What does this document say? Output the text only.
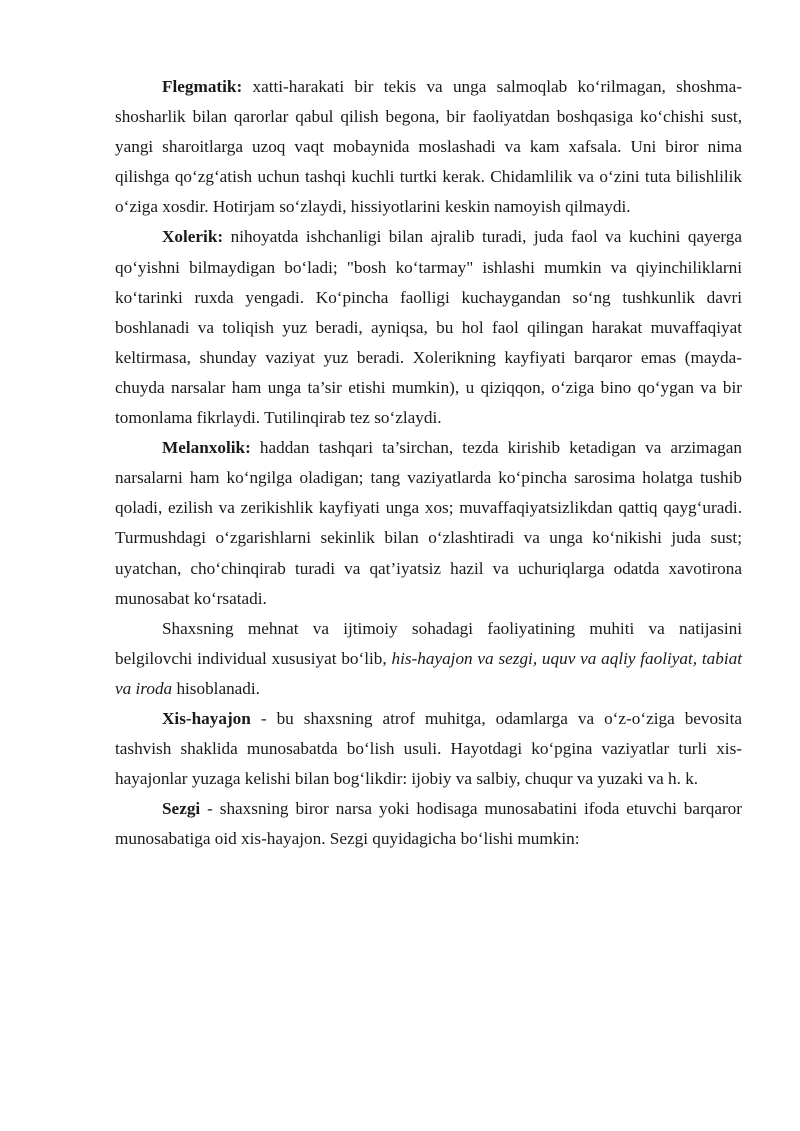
Flegmatik: xatti-harakati bir tekis va unga salmoqlab ko‘rilmagan, shoshma-shosharlik bilan qarorlar qabul qilish begona, bir faoliyatdan boshqasiga ko‘chishi sust, yangi sharoitlarga uzoq vaqt mobaynida moslashadi va kam xafsala. Uni biror nima qilishga qo‘zg‘atish uchun tashqi kuchli turtki kerak. Chidamlilik va o‘zini tuta bilishlilik o‘ziga xosdir. Hotirjam so‘zlaydi, hissiyotlarini keskin namoyish qilmaydi.

Xolerik: nihoyatda ishchanligi bilan ajralib turadi, juda faol va kuchini qayerga qo‘yishni bilmaydigan bo‘ladi; "bosh ko‘tarmay" ishlashi mumkin va qiyinchiliklarni ko‘tarinki ruxda yengadi. Ko‘pincha faolligi kuchaygandan so‘ng tushkunlik davri boshlanadi va toliqish yuz beradi, ayniqsa, bu hol faol qilingan harakat muvaffaqiyat keltirmasa, shunday vaziyat yuz beradi. Xolerikning kayfiyati barqaror emas (mayda-chuyda narsalar ham unga ta’sir etishi mumkin), u qiziqqon, o‘ziga bino qo‘ygan va bir tomonlama fikrlaydi. Tutilinqirab tez so‘zlaydi.

Melanxolik: haddan tashqari ta’sirchan, tezda kirishib ketadigan va arzimagan narsalarni ham ko‘ngilga oladigan; tang vaziyatlarda ko‘pincha sarosima holatga tushib qoladi, ezilish va zerikishlik kayfiyati unga xos; muvaffaqiyatsizlikdan qattiq qayg‘uradi. Turmushdagi o‘zgarishlarni sekinlik bilan o‘zlashtiradi va unga ko‘nikishi juda sust; uyatchan, cho‘chinqirab turadi va qat’iyatsiz hazil va uchuriqlarga odatda xavotirona munosabat ko‘rsatadi.

Shaxsning mehnat va ijtimoiy sohadagi faoliyatining muhiti va natijasini belgilovchi individual xususiyat bo‘lib, his-hayajon va sezgi, uquv va aqliy faoliyat, tabiat va iroda hisoblanadi.

Xis-hayajon - bu shaxsning atrof muhitga, odamlarga va o‘z-o‘ziga bevosita tashvish shaklida munosabatda bo‘lish usuli. Hayotdagi ko‘pgina vaziyatlar turli xis-hayajonlar yuzaga kelishi bilan bog‘likdir: ijobiy va salbiy, chuqur va yuzaki va h. k.

Sezgi - shaxsning biror narsa yoki hodisaga munosabatini ifoda etuvchi barqaror munosabatiga oid xis-hayajon. Sezgi quyidagicha bo‘lishi mumkin:
